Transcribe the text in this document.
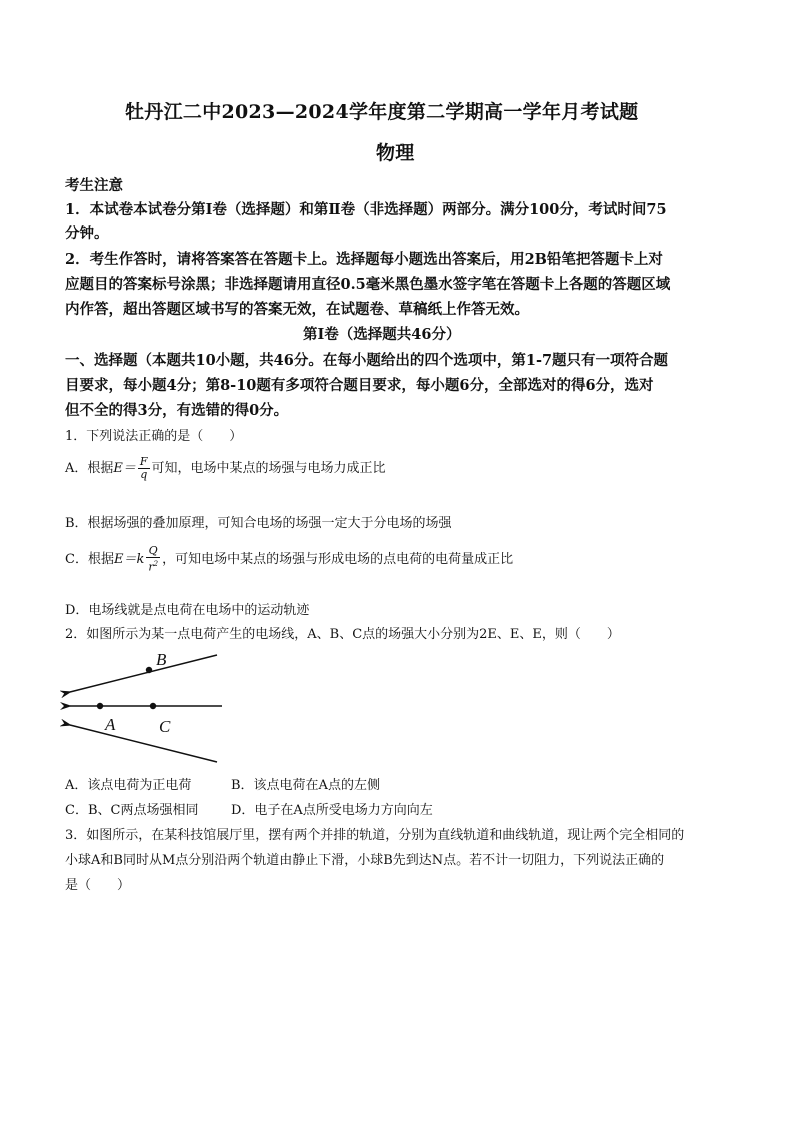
牡丹江二中2023—2024学年度第二学期高一学年月考试题
物理
考生注意
1．本试卷本试卷分第Ⅰ卷（选择题）和第Ⅱ卷（非选择题）两部分。满分100分，考试时间75
分钟。
2．考生作答时，请将答案答在答题卡上。选择题每小题选出答案后，用2B铅笔把答题卡上对
应题目的答案标号涂黑；非选择题请用直径0.5毫米黑色墨水签字笔在答题卡上各题的答题区域
内作答，超出答题区域书写的答案无效，在试题卷、草稿纸上作答无效。
第Ⅰ卷（选择题共46分）
一、选择题（本题共10小题，共46分。在每小题给出的四个选项中，第1-7题只有一项符合题
目要求，每小题4分；第8-10题有多项符合题目要求，每小题6分，全部选对的得6分，选对
但不全的得3分，有选错的得0分。
1．下列说法正确的是（　　）
A．根据$E= \frac{F}{q}$ 可知，电场中某点的场强与电场力成正比
B．根据场强的叠加原理，可知合电场的场强一定大于分电场的场强
C．根据$E=k \frac{Q}{r^2}$ ，可知电场中某点的场强与形成电场的点电荷的电荷量成正比
D．电场线就是点电荷在电场中的运动轨迹
2．如图所示为某一点电荷产生的电场线，A、B、C点的场强大小分别为2E、E、E，则（　　）
B
A	C
A．该点电荷为正电荷	B．该点电荷在A点的左侧
C．B、C两点场强相同	D．电子在A点所受电场力方向向左
3．如图所示，在某科技馆展厅里，摆有两个并排的轨道，分别为直线轨道和曲线轨道，现让两个完全相同的
小球A和B同时从M点分别沿两个轨道由静止下滑，小球B先到达N点。若不计一切阻力，下列说法正确的
是（　　）
